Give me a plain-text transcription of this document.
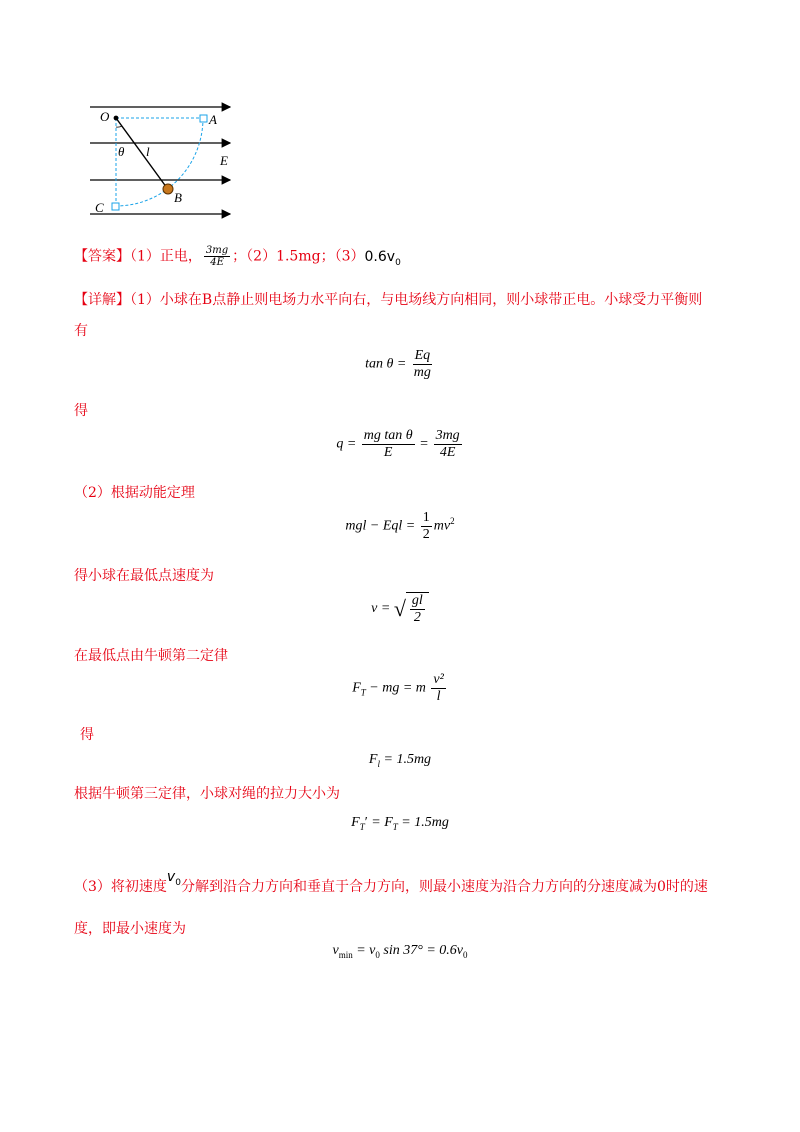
O	A
θ l
E
B
C
【答案】（1）正电， $\frac{3mg}{4E}$ ；（2）1.5mg；$(3)0.6v_0$
【详解】（1）小球在B点静止则电场力水平向右，与电场线方向相同，则小球带正电。小球受力平衡则
有
$\tan \theta = \frac{Eq}{mg}$
得
$q = \frac{\text{mg tan θ}}{E} = \frac{3mg}{4E}$
（2）根据动能定理
mgl − Eql = $\frac{1}{2} mv^2$
得小球在最低点速度为
v = √ $\frac{gl}{2}$
在最低点由牛顿第二定律
$F_T$ − mg = m $\frac{\text{v²}}{l}$
得
$F_l = 1.5mg$
根据牛顿第三定律，小球对绳的拉力大小为
$F_T' = F_T = 1.5mg$
（3）将初速度$v_0$分解到沿合力方向和垂直于合力方向，则最小速度为沿合力方向的分速度减为0时的速
度，即最小速度为
$v_{min} = v_0$ $\sin 37^\circ = 0.6v_0$
